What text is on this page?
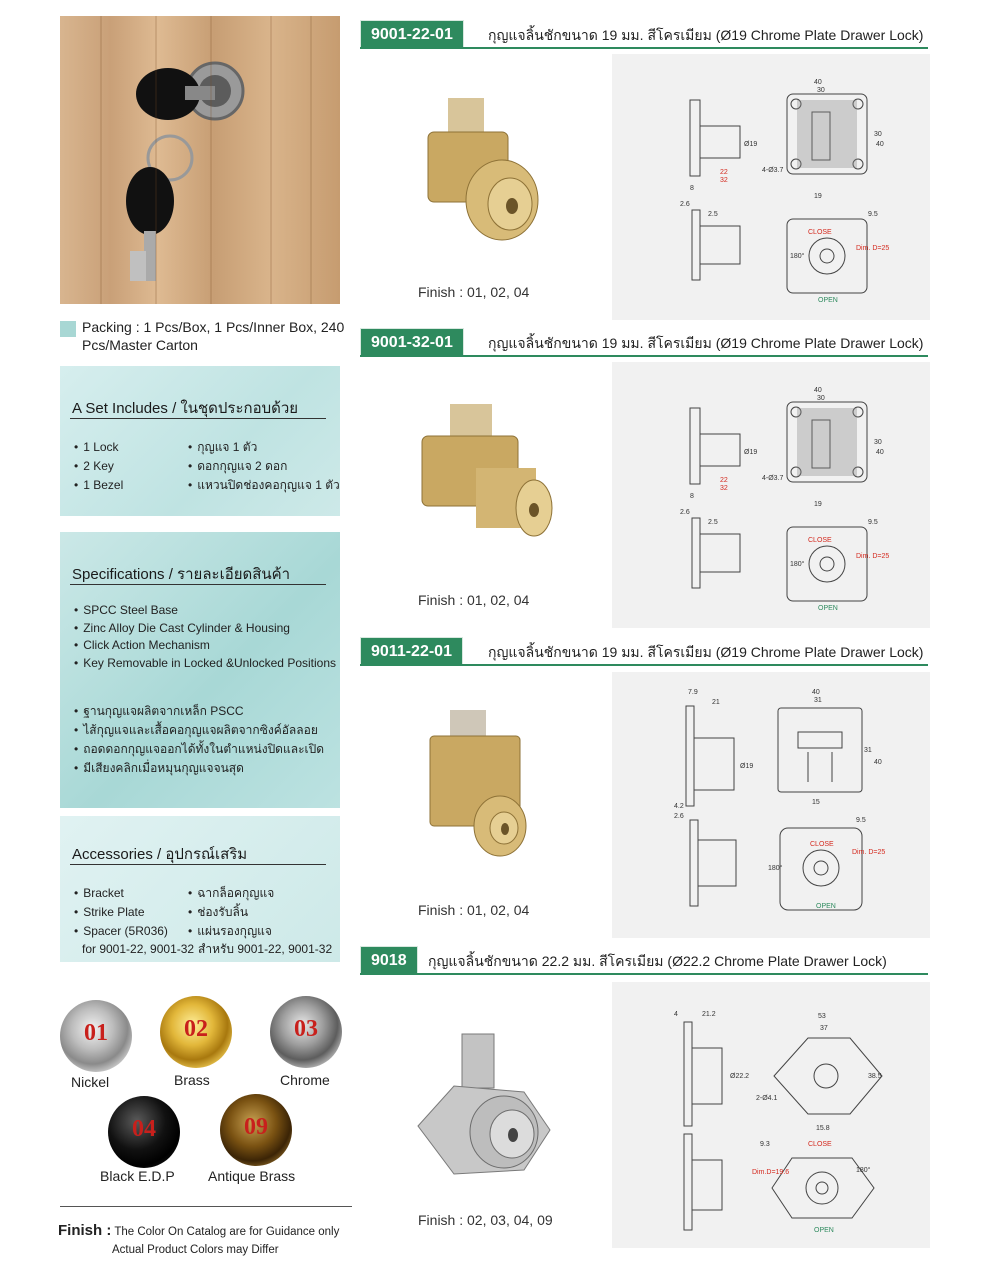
Packing : 1 Pcs/Box, 1 Pcs/Inner Box, 240 Pcs/Master Carton
A Set Includes / ในชุดประกอบด้วย
• 1 Lock
• 2 Key
• 1 Bezel
• กุญแจ 1 ตัว
• ดอกกุญแจ 2 ดอก
• แหวนปิดช่องคอกุญแจ 1 ตัว
Specifications / รายละเอียดสินค้า
• SPCC Steel Base
• Zinc Alloy Die Cast Cylinder & Housing
• Click Action Mechanism
• Key Removable in Locked &Unlocked Positions
• ฐานกุญแจผลิตจากเหล็ก PSCC
• ไส้กุญแจและเสื้อคอกุญแจผลิตจากซิงค์อัลลอย
• ถอดดอกกุญแจออกได้ทั้งในตำแหน่งปิดและเปิด
• มีเสียงคลิกเมื่อหมุนกุญแจจนสุด
Accessories / อุปกรณ์เสริม
• Bracket
• Strike Plate
• Spacer (5R036)
for 9001-22, 9001-32
• ฉากล็อคกุญแจ
• ช่องรับลิ้น
• แผ่นรองกุญแจ
สำหรับ 9001-22, 9001-32
01	02	03
04	09
Nickel	Brass	Chrome
Black E.D.P Antique Brass
Finish : The Color On Catalog are for Guidance only
Actual Product Colors may Differ
9001-22-01	กุญแจลิ้นชักขนาด 19 มม. สีโครเมียม (Ø19 Chrome Plate Drawer Lock)
Finish : 01, 02, 04
40
30
30
40
Ø19
8
22
32
4-Ø3.7
19
2.6
2.5	9.5
CLOSE
Dim. D=25
180°
OPEN
9001-32-01	กุญแจลิ้นชักขนาด 19 มม. สีโครเมียม (Ø19 Chrome Plate Drawer Lock)
Finish : 01, 02, 04
40
30
30
40
Ø19
8
22
32
4-Ø3.7
19
2.6
2.5	9.5
CLOSE
Dim. D=25
180°
OPEN
9011-22-01	กุญแจลิ้นชักขนาด 19 มม. สีโครเมียม (Ø19 Chrome Plate Drawer Lock)
Finish : 01, 02, 04
7.9
21
40
31
31
40
Ø19
4.2
2.6
15
9.5
CLOSE
Dim. D=25
180°
OPEN
9018	กุญแจลิ้นชักขนาด 22.2 มม. สีโครเมียม (Ø22.2 Chrome Plate Drawer Lock)
Finish : 02, 03, 04, 09
4	21.2	53
37
38.5
Ø22.2
2-Ø4.1
15.8
9.3	CLOSE
Dim.D=19.6	180°
OPEN
